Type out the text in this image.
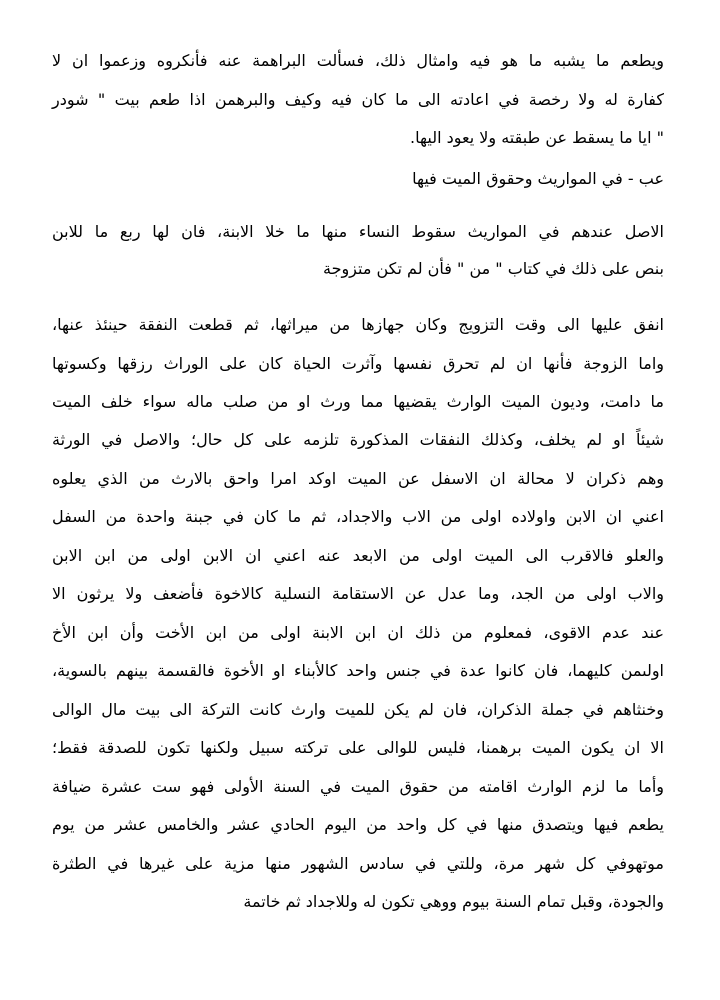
ويطعم ما يشبه ما هو فيه وامثال ذلك، فسألت البراهمة عنه فأنكروه وزعموا ان لا
كفارة له ولا رخصة في اعادته الى ما كان فيه وكيف والبرهمن اذا طعم بيت " شودر
" ايا ما يسقط عن طبقته ولا يعود اليها.
عب - في المواريث وحقوق الميت فيها
الاصل عندهم في المواريث سقوط النساء منها ما خلا الابنة، فان لها ربع ما للابن
بنص على ذلك في كتاب " من " فأن لم تكن متزوجة
انفق عليها الى وقت التزويج وكان جهازها من ميراثها، ثم قطعت النفقة حينئذ عنها،
واما الزوجة فأنها ان لم تحرق نفسها وآثرت الحياة كان على الوراث رزقها وكسوتها
ما دامت، وديون الميت الوارث يقضيها مما ورث او من صلب ماله سواء خلف الميت
شيئاً او لم يخلف، وكذلك النفقات المذكورة تلزمه على كل حال؛ والاصل في الورثة
وهم ذكران لا محالة ان الاسفل عن الميت اوكد امرا واحق بالارث من الذي يعلوه
اعني ان الابن واولاده اولى من الاب والاجداد، ثم ما كان في جبنة واحدة من السفل
والعلو فالاقرب الى الميت اولى من الابعد عنه اعني ان الابن اولى من ابن الابن
والاب اولى من الجد، وما عدل عن الاستقامة النسلية كالاخوة فأضعف ولا يرثون الا
عند عدم الاقوى، فمعلوم من ذلك ان ابن الابنة اولى من ابن الأخت وأن ابن الأخ
اولىمن كليهما، فان كانوا عدة في جنس واحد كالأبناء او الأخوة فالقسمة بينهم بالسوية،
وخنثاهم في جملة الذكران، فان لم يكن للميت وارث كانت التركة الى بيت مال الوالى
الا ان يكون الميت برهمنا، فليس للوالى على تركته سبيل ولكنها تكون للصدقة فقط؛
وأما ما لزم الوارث اقامته من حقوق الميت في السنة الأولى فهو ست عشرة ضيافة
يطعم فيها ويتصدق منها في كل واحد من اليوم الحادي عشر والخامس عشر من يوم
موتهوفي كل شهر مرة، وللتي في سادس الشهور منها مزية على غيرها في الطثرة
والجودة، وقبل تمام السنة بيوم ووهي تكون له وللاجداد ثم خاتمة
